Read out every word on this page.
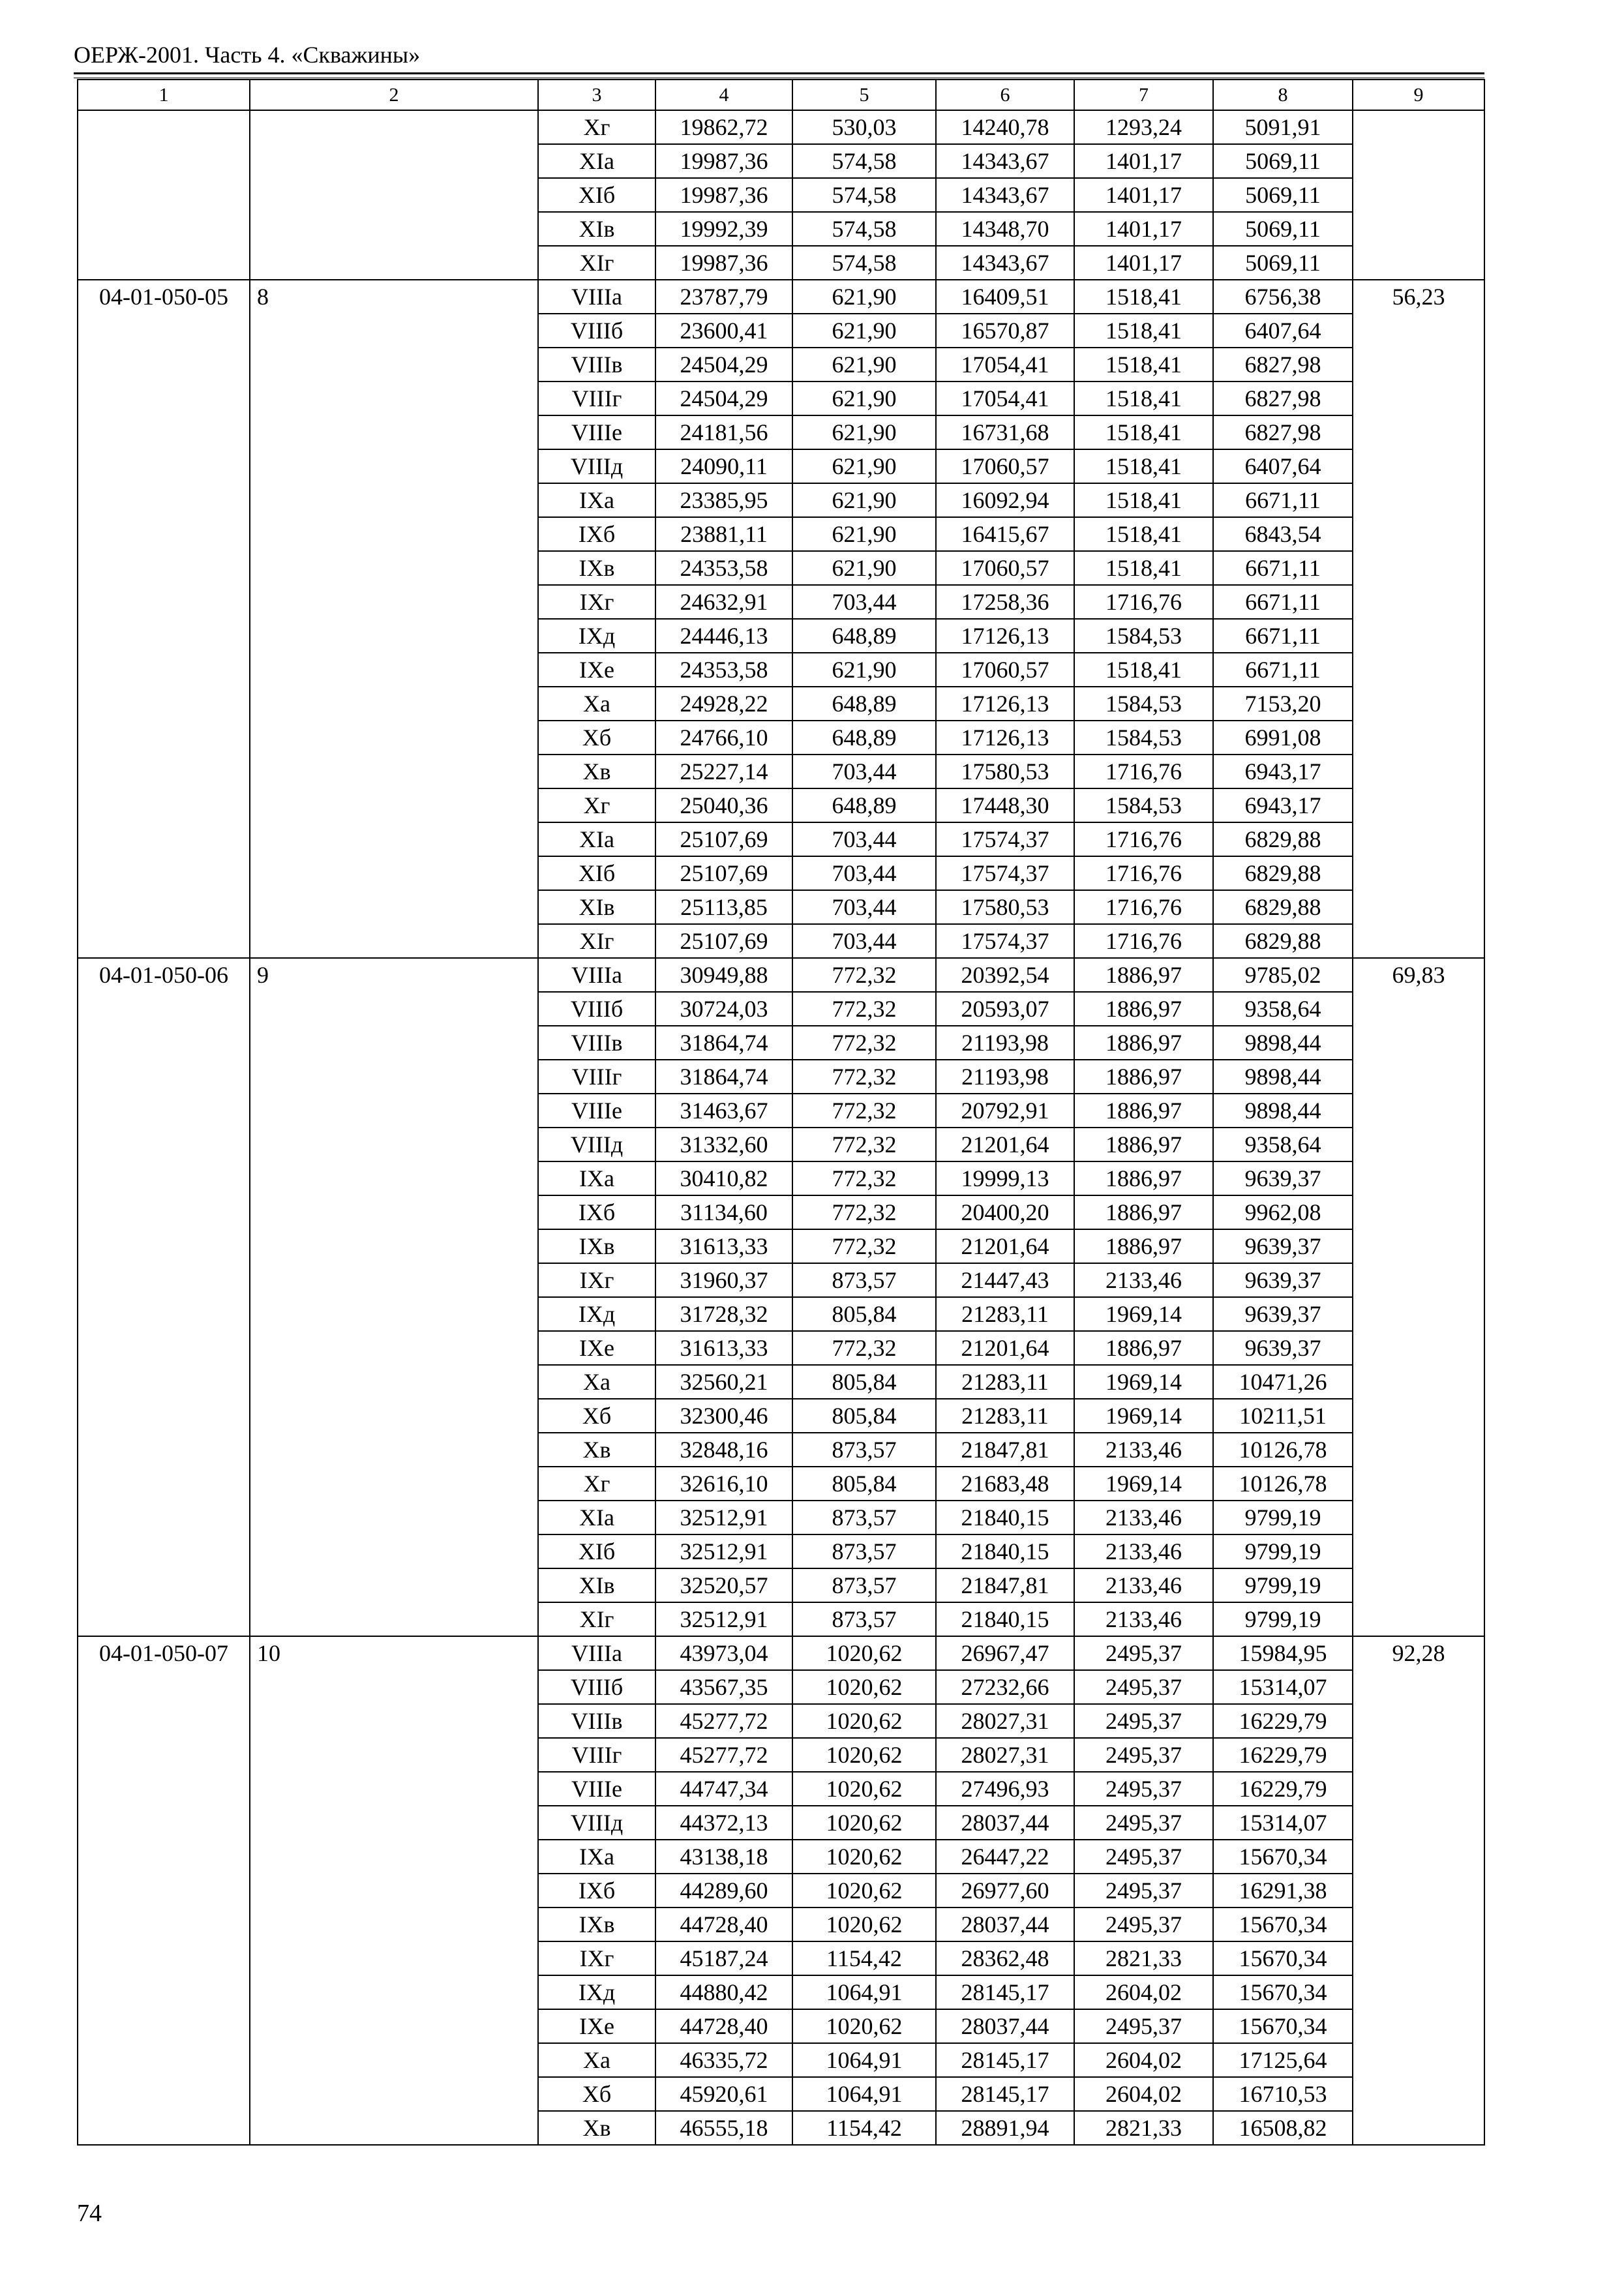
ОЕРЖ-2001. Часть 4. «Скважины»
1	2	3	4	5	6	7	8	9
		Xг	19862,72	530,03	14240,78	1293,24	5091,91	
		XIа	19987,36	574,58	14343,67	1401,17	5069,11	
		XIб	19987,36	574,58	14343,67	1401,17	5069,11	
		XIв	19992,39	574,58	14348,70	1401,17	5069,11	
		XIг	19987,36	574,58	14343,67	1401,17	5069,11	
04-01-050-05	8	VIIIа	23787,79	621,90	16409,51	1518,41	6756,38	56,23
		VIIIб	23600,41	621,90	16570,87	1518,41	6407,64	
		VIIIв	24504,29	621,90	17054,41	1518,41	6827,98	
		VIIIг	24504,29	621,90	17054,41	1518,41	6827,98	
		VIIIе	24181,56	621,90	16731,68	1518,41	6827,98	
		VIIIд	24090,11	621,90	17060,57	1518,41	6407,64	
		IXа	23385,95	621,90	16092,94	1518,41	6671,11	
		IXб	23881,11	621,90	16415,67	1518,41	6843,54	
		IXв	24353,58	621,90	17060,57	1518,41	6671,11	
		IXг	24632,91	703,44	17258,36	1716,76	6671,11	
		IXд	24446,13	648,89	17126,13	1584,53	6671,11	
		IXе	24353,58	621,90	17060,57	1518,41	6671,11	
		Xа	24928,22	648,89	17126,13	1584,53	7153,20	
		Xб	24766,10	648,89	17126,13	1584,53	6991,08	
		Xв	25227,14	703,44	17580,53	1716,76	6943,17	
		Xг	25040,36	648,89	17448,30	1584,53	6943,17	
		XIа	25107,69	703,44	17574,37	1716,76	6829,88	
		XIб	25107,69	703,44	17574,37	1716,76	6829,88	
		XIв	25113,85	703,44	17580,53	1716,76	6829,88	
		XIг	25107,69	703,44	17574,37	1716,76	6829,88	
04-01-050-06	9	VIIIа	30949,88	772,32	20392,54	1886,97	9785,02	69,83
		VIIIб	30724,03	772,32	20593,07	1886,97	9358,64	
		VIIIв	31864,74	772,32	21193,98	1886,97	9898,44	
		VIIIг	31864,74	772,32	21193,98	1886,97	9898,44	
		VIIIе	31463,67	772,32	20792,91	1886,97	9898,44	
		VIIIд	31332,60	772,32	21201,64	1886,97	9358,64	
		IXа	30410,82	772,32	19999,13	1886,97	9639,37	
		IXб	31134,60	772,32	20400,20	1886,97	9962,08	
		IXв	31613,33	772,32	21201,64	1886,97	9639,37	
		IXг	31960,37	873,57	21447,43	2133,46	9639,37	
		IXд	31728,32	805,84	21283,11	1969,14	9639,37	
		IXе	31613,33	772,32	21201,64	1886,97	9639,37	
		Xа	32560,21	805,84	21283,11	1969,14	10471,26	
		Xб	32300,46	805,84	21283,11	1969,14	10211,51	
		Xв	32848,16	873,57	21847,81	2133,46	10126,78	
		Xг	32616,10	805,84	21683,48	1969,14	10126,78	
		XIа	32512,91	873,57	21840,15	2133,46	9799,19	
		XIб	32512,91	873,57	21840,15	2133,46	9799,19	
		XIв	32520,57	873,57	21847,81	2133,46	9799,19	
		XIг	32512,91	873,57	21840,15	2133,46	9799,19	
04-01-050-07	10	VIIIа	43973,04	1020,62	26967,47	2495,37	15984,95	92,28
		VIIIб	43567,35	1020,62	27232,66	2495,37	15314,07	
		VIIIв	45277,72	1020,62	28027,31	2495,37	16229,79	
		VIIIг	45277,72	1020,62	28027,31	2495,37	16229,79	
		VIIIе	44747,34	1020,62	27496,93	2495,37	16229,79	
		VIIIд	44372,13	1020,62	28037,44	2495,37	15314,07	
		IXа	43138,18	1020,62	26447,22	2495,37	15670,34	
		IXб	44289,60	1020,62	26977,60	2495,37	16291,38	
		IXв	44728,40	1020,62	28037,44	2495,37	15670,34	
		IXг	45187,24	1154,42	28362,48	2821,33	15670,34	
		IXд	44880,42	1064,91	28145,17	2604,02	15670,34	
		IXе	44728,40	1020,62	28037,44	2495,37	15670,34	
		Xа	46335,72	1064,91	28145,17	2604,02	17125,64	
		Xб	45920,61	1064,91	28145,17	2604,02	16710,53	
		Xв	46555,18	1154,42	28891,94	2821,33	16508,82	
74
